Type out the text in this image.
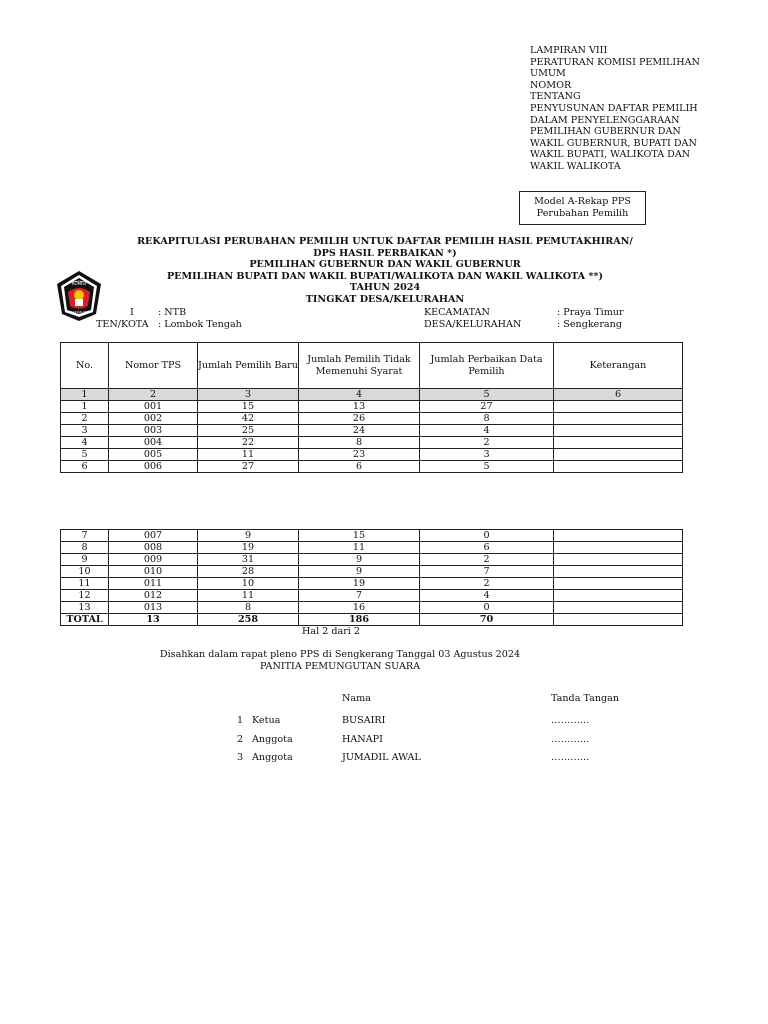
LAMPIRAN VIII
PERATURAN KOMISI PEMILIHAN
UMUM
NOMOR
TENTANG
PENYUSUNAN DAFTAR PEMILIH
DALAM PENYELENGGARAAN
PEMILIHAN GUBERNUR DAN
WAKIL GUBERNUR, BUPATI DAN
WAKIL BUPATI, WALIKOTA DAN
WAKIL WALIKOTA
Model A-Rekap PPS
Perubahan Pemilih
REKAPITULASI PERUBAHAN PEMILIH UNTUK DAFTAR PEMILIH HASIL PEMUTAKHIRAN/
DPS HASIL PERBAIKAN *)
PEMILIHAN GUBERNUR DAN WAKIL GUBERNUR
PEMILIHAN BUPATI DAN WAKIL BUPATI/WALIKOTA DAN WAKIL WALIKOTA **)
TAHUN 2024
TINGKAT DESA/KELURAHAN
KOMISI
PEMILIHAN UMUM	I	: NTB
TEN/KOTA : Lombok Tengah
KECAMATAN	: Praya Timur
DESA/KELURAHAN	: Sengkerang
No.	Nomor TPS	Jumlah Pemilih Baru	Jumlah Pemilih Tidak Memenuhi Syarat	Jumlah Perbaikan Data Pemilih	Keterangan
1	2	3	4	5	6
1	001	15	13	27	
2	002	42	26	8	
3	003	25	24	4	
4	004	22	8	2	
5	005	11	23	3	
6	006	27	6	5	
7	007	9	15	0	
8	008	19	11	6	
9	009	31	9	2	
10	010	28	9	7	
11	011	10	19	2	
12	012	11	7	4	
13	013	8	16	0	
TOTAL	13	258	186	70	
Hal 2 dari 2
Disahkan dalam rapat pleno PPS di Sengkerang Tanggal 03 Agustus 2024
PANITIA PEMUNGUTAN SUARA
Nama	Tanda Tangan
1 Ketua	BUSAIRI	…………
2 Anggota	HANAPI	…………
3 Anggota	JUMADIL AWAL	…………
